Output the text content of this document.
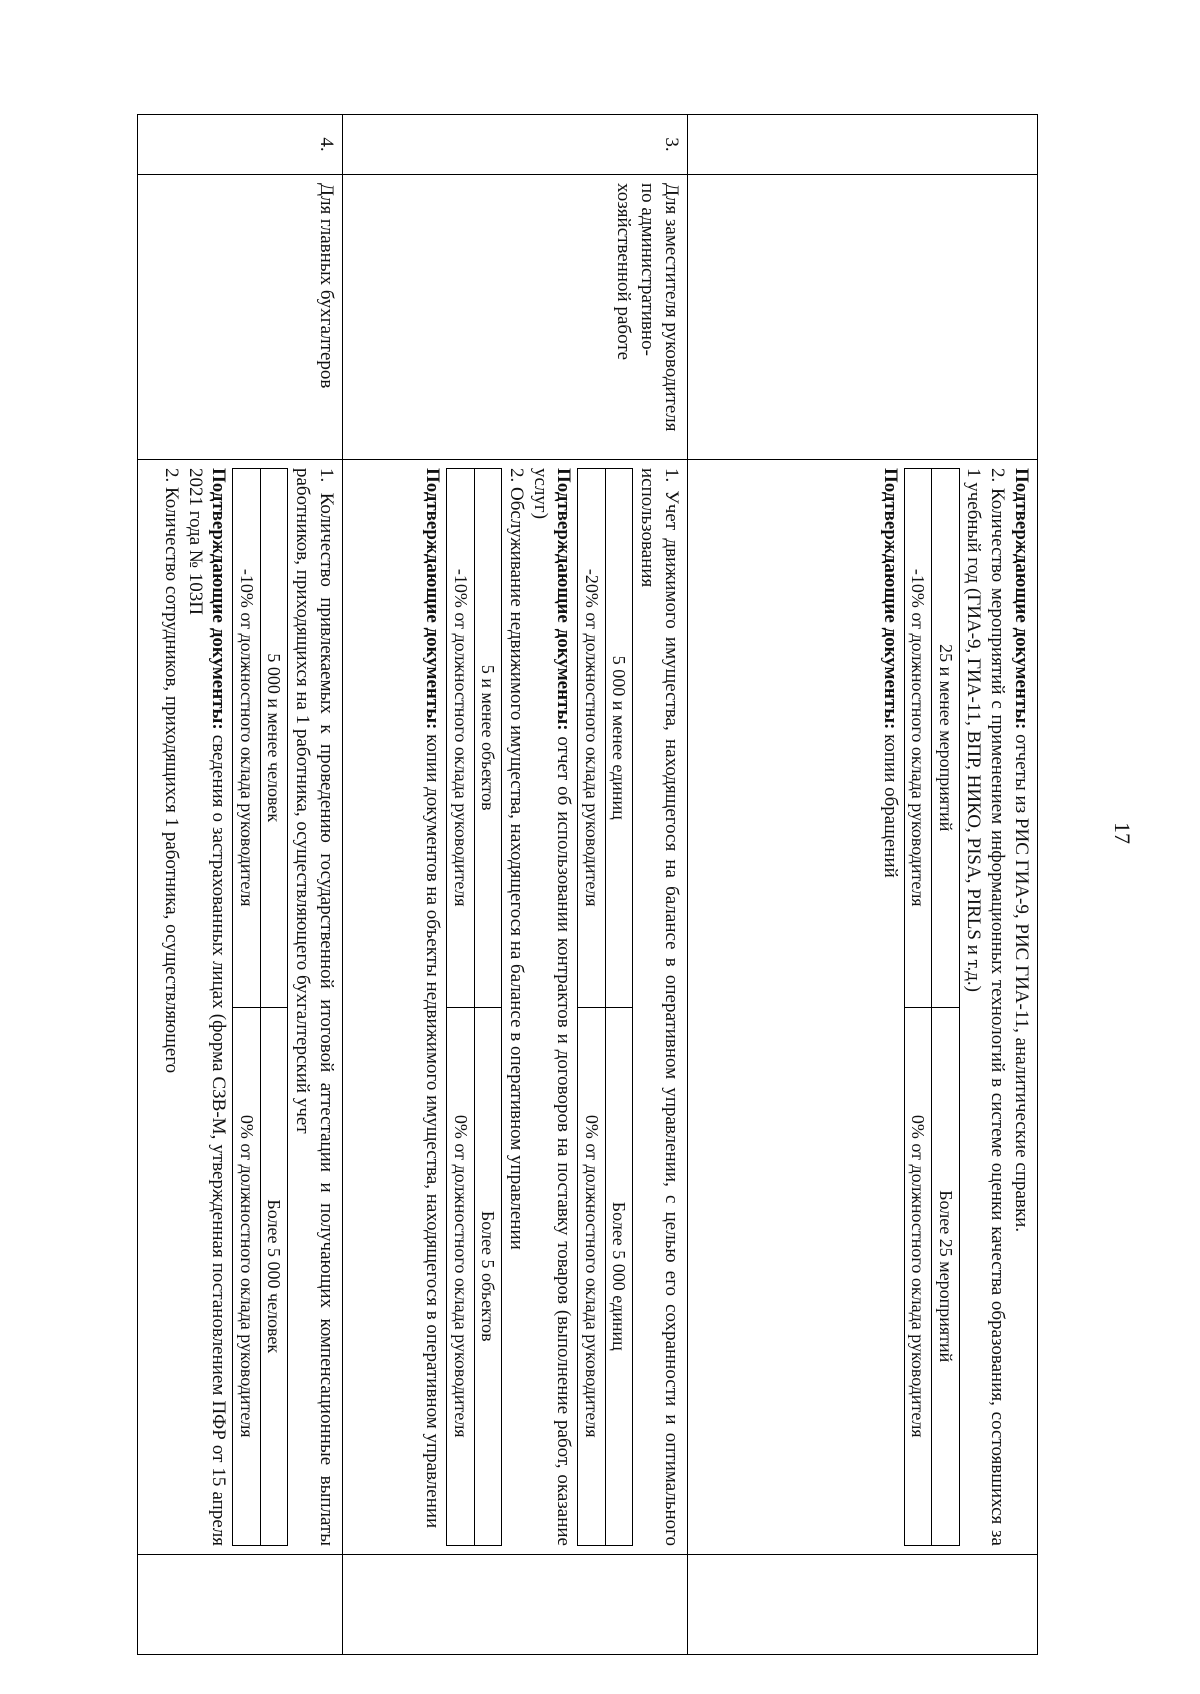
17

Подтверждающие документы: отчеты из РИС ГИА-9, РИС ГИА-11, аналитические справки.

2. Количество мероприятий с применением информационных технологий в системе оценки качества образования, состоявшихся за 1 учебный год (ГИА-9, ГИА-11, ВПР, НИКО, PISA, PIRLS и т.д.)

25 и менее мероприятий	Более 25 мероприятий
-10% от должностного оклада руководителя	0% от должностного оклада руководителя

Подтверждающие документы: копии обращений

3.	Для заместителя руководителя по административно-хозяйственной работе	

1. Учет движимого имущества, находящегося на балансе в оперативном управлении, с целью его сохранности и оптимального использования

5 000 и менее единиц	Более 5 000 единиц
-20% от должностного оклада руководителя	0% от должностного оклада руководителя

Подтверждающие документы: отчет об использовании контрактов и договоров на поставку товаров (выполнение работ, оказание услуг)

2. Обслуживание недвижимого имущества, находящегося на балансе в оперативном управлении

5 и менее объектов	Более 5 объектов
-10% от должностного оклада руководителя	0% от должностного оклада руководителя

Подтверждающие документы: копии документов на объекты недвижимого имущества, находящегося в оперативном управлении

4.	Для главных бухгалтеров	

1. Количество привлекаемых к проведению государственной итоговой аттестации и получающих компенсационные выплаты работников, приходящихся на 1 работника, осуществляющего бухгалтерский учет

5 000 и менее человек	Более 5 000 человек
-10% от должностного оклада руководителя	0% от должностного оклада руководителя

Подтверждающие документы: сведения о застрахованных лицах (форма СЗВ-М, утвержденная постановлением ПФР от 15 апреля 2021 года № 103П

2. Количество сотрудников, приходящихся 1 работника, осуществляющего
